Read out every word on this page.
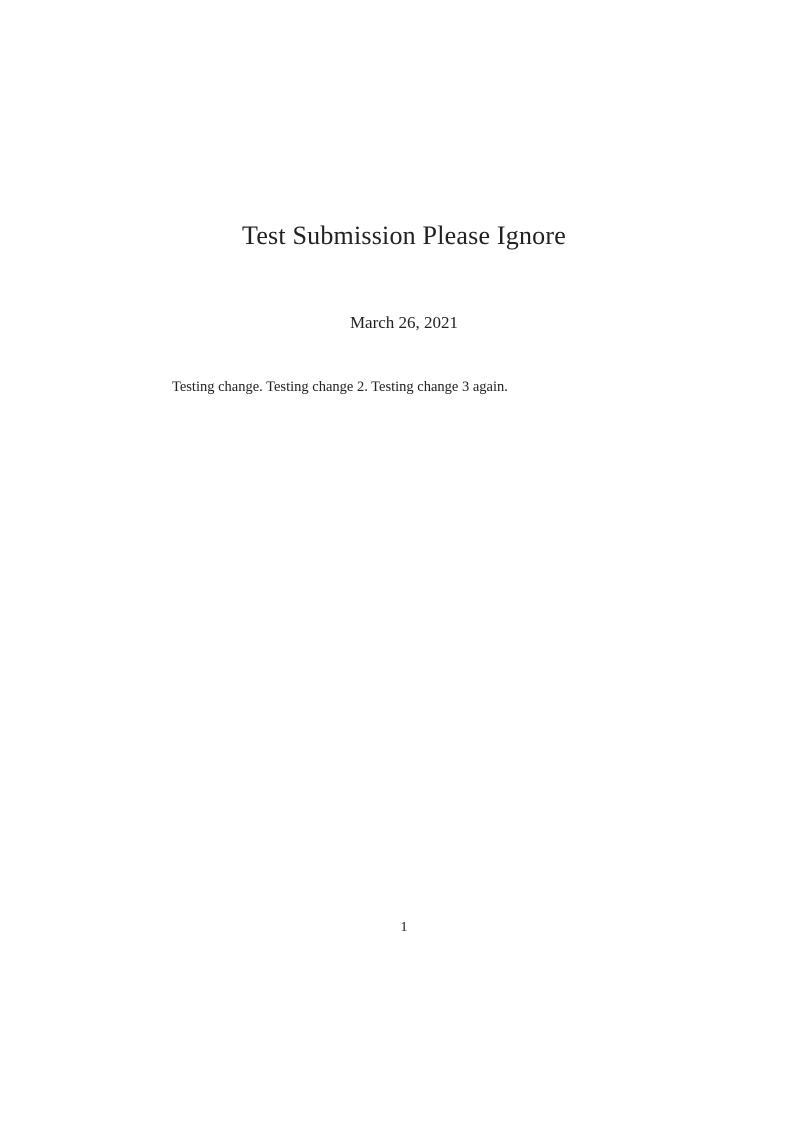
Test Submission Please Ignore
March 26, 2021

Testing change. Testing change 2. Testing change 3 again.

1
